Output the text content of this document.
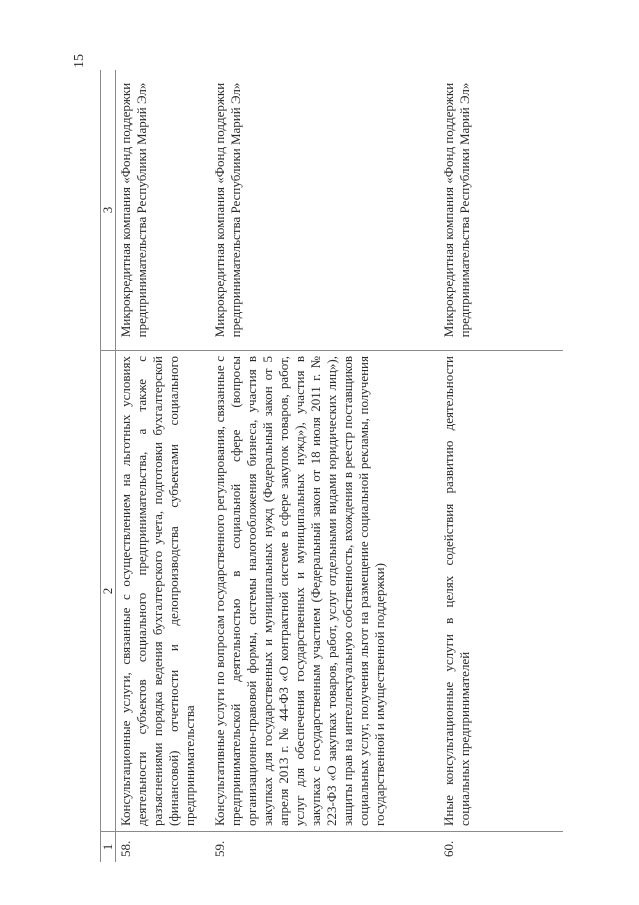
15
1	2	3
58.	Консультационные услуги, связанные с осуществлением на льготных условиях деятельности субъектов социального предпринимательства, а также с разъяснениями порядка ведения бухгалтерского учета, подготовки бухгалтерской (финансовой) отчетности и делопроизводства субъектами социального предпринимательства	Микрокредитная компания «Фонд поддержки предпринимательства Республики Марий Эл»
59.	Консультативные услуги по вопросам государственного регулирования, связанные с предпринимательской деятельностью в социальной сфере (вопросы организационно-правовой формы, системы налогообложения бизнеса, участия в закупках для государственных и муниципальных нужд (Федеральный закон от 5 апреля 2013 г. № 44-ФЗ «О контрактной системе в сфере закупок товаров, работ, услуг для обеспечения государственных и муниципальных нужд»), участия в закупках с государственным участием (Федеральный закон от 18 июля 2011 г. № 223-ФЗ «О закупках товаров, работ, услуг отдельными видами юридических лиц»), защиты прав на интеллектуальную собственность, вхождения в реестр поставщиков социальных услуг, получения льгот на размещение социальной рекламы, получения государственной и имущественной поддержки)	Микрокредитная компания «Фонд поддержки предпринимательства Республики Марий Эл»
60.	Иные консультационные услуги в целях содействия развитию деятельности социальных предпринимателей	Микрокредитная компания «Фонд поддержки предпринимательства Республики Марий Эл»
